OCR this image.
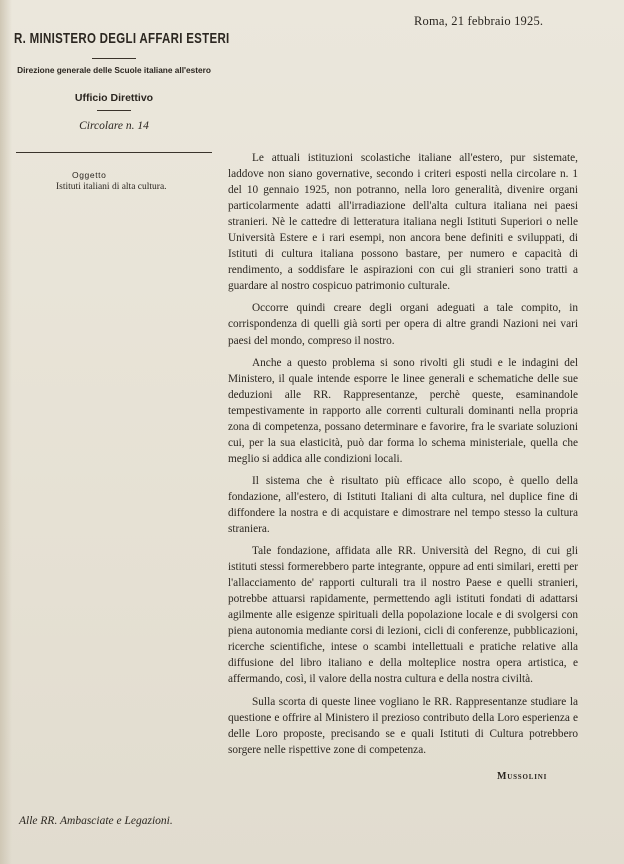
Roma, 21 febbraio 1925.
R. MINISTERO DEGLI AFFARI ESTERI
Direzione generale delle Scuole italiane all'estero
Ufficio Direttivo
Circolare n. 14
Oggetto
Istituti italiani di alta cultura.

Le attuali istituzioni scolastiche italiane all'estero, pur sistemate, laddove non siano governative, secondo i criteri esposti nella circolare n. 1 del 10 gennaio 1925, non potranno, nella loro generalità, divenire organi particolarmente adatti all'irradiazione dell'alta cultura italiana nei paesi stranieri. Nè le cattedre di letteratura italiana negli Istituti Superiori o nelle Università Estere e i rari esempi, non ancora bene definiti e sviluppati, di Istituti di cultura italiana possono bastare, per numero e capacità di rendimento, a soddisfare le aspirazioni con cui gli stranieri sono tratti a guardare al nostro cospicuo patrimonio culturale.

Occorre quindi creare degli organi adeguati a tale compito, in corrispondenza di quelli già sorti per opera di altre grandi Nazioni nei vari paesi del mondo, compreso il nostro.

Anche a questo problema si sono rivolti gli studi e le indagini del Ministero, il quale intende esporre le linee generali e schematiche delle sue deduzioni alle RR. Rappresentanze, perchè queste, esaminandole tempestivamente in rapporto alle correnti culturali dominanti nella propria zona di competenza, possano determinare e favorire, fra le svariate soluzioni cui, per la sua elasticità, può dar forma lo schema ministeriale, quella che meglio si addica alle condizioni locali.

Il sistema che è risultato più efficace allo scopo, è quello della fondazione, all'estero, di Istituti Italiani di alta cultura, nel duplice fine di diffondere la nostra e di acquistare e dimostrare nel tempo stesso la cultura straniera.

Tale fondazione, affidata alle RR. Università del Regno, di cui gli istituti stessi formerebbero parte integrante, oppure ad enti similari, eretti per l'allacciamento de' rapporti culturali tra il nostro Paese e quelli stranieri, potrebbe attuarsi rapidamente, permettendo agli istituti fondati di adattarsi agilmente alle esigenze spirituali della popolazione locale e di svolgersi con piena autonomia mediante corsi di lezioni, cicli di conferenze, pubblicazioni, ricerche scientifiche, intese o scambi intellettuali e pratiche relative alla diffusione del libro italiano e della molteplice nostra opera artistica, e affermando, così, il valore della nostra cultura e della nostra civiltà.

Sulla scorta di queste linee vogliano le RR. Rappresentanze studiare la questione e offrire al Ministero il prezioso contributo della Loro esperienza e delle Loro proposte, precisando se e quali Istituti di Cultura potrebbero sorgere nelle rispettive zone di competenza.

Mussolini
Alle RR. Ambasciate e Legazioni.
